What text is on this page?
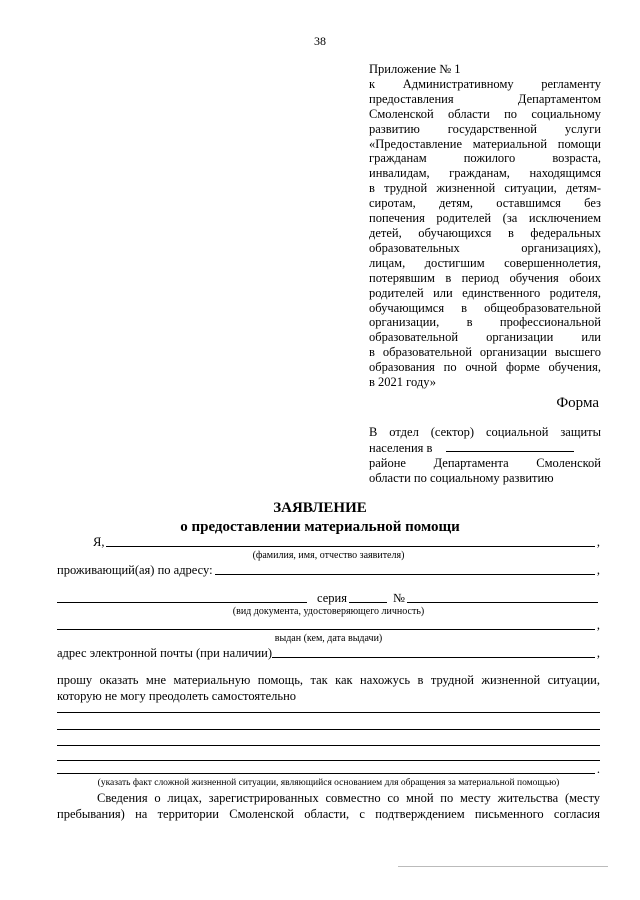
38
Приложение № 1
к Административному регламенту
предоставления Департаментом
Смоленской области по социальному
развитию государственной услуги
«Предоставление материальной помощи
гражданам пожилого возраста,
инвалидам, гражданам, находящимся
в трудной жизненной ситуации, детям-
сиротам, детям, оставшимся без
попечения родителей (за исключением
детей, обучающихся в федеральных
образовательных организациях),
лицам, достигшим совершеннолетия,
потерявшим в период обучения обоих
родителей или единственного родителя,
обучающимся в общеобразовательной
организации, в профессиональной
образовательной организации или
в образовательной организации высшего
образования по очной форме обучения,
в 2021 году»
Форма
В отдел (сектор) социальной защиты
населения в
районе Департамента Смоленской
области по социальному развитию
ЗАЯВЛЕНИЕ
о предоставлении материальной помощи
Я,	,
(фамилия, имя, отчество заявителя)
проживающий(ая) по адресу:	,
серия	№
(вид документа, удостоверяющего личность)
,
выдан (кем, дата выдачи)
адрес электронной почты (при наличии)	,
прошу оказать мне материальную помощь, так как нахожусь в трудной жизненной ситуации,
которую не могу преодолеть самостоятельно
.
(указать факт сложной жизненной ситуации, являющийся основанием для обращения за материальной помощью)
Сведения о лицах, зарегистрированных совместно со мной по месту жительства (месту
пребывания) на территории Смоленской области, с подтверждением письменного согласия
